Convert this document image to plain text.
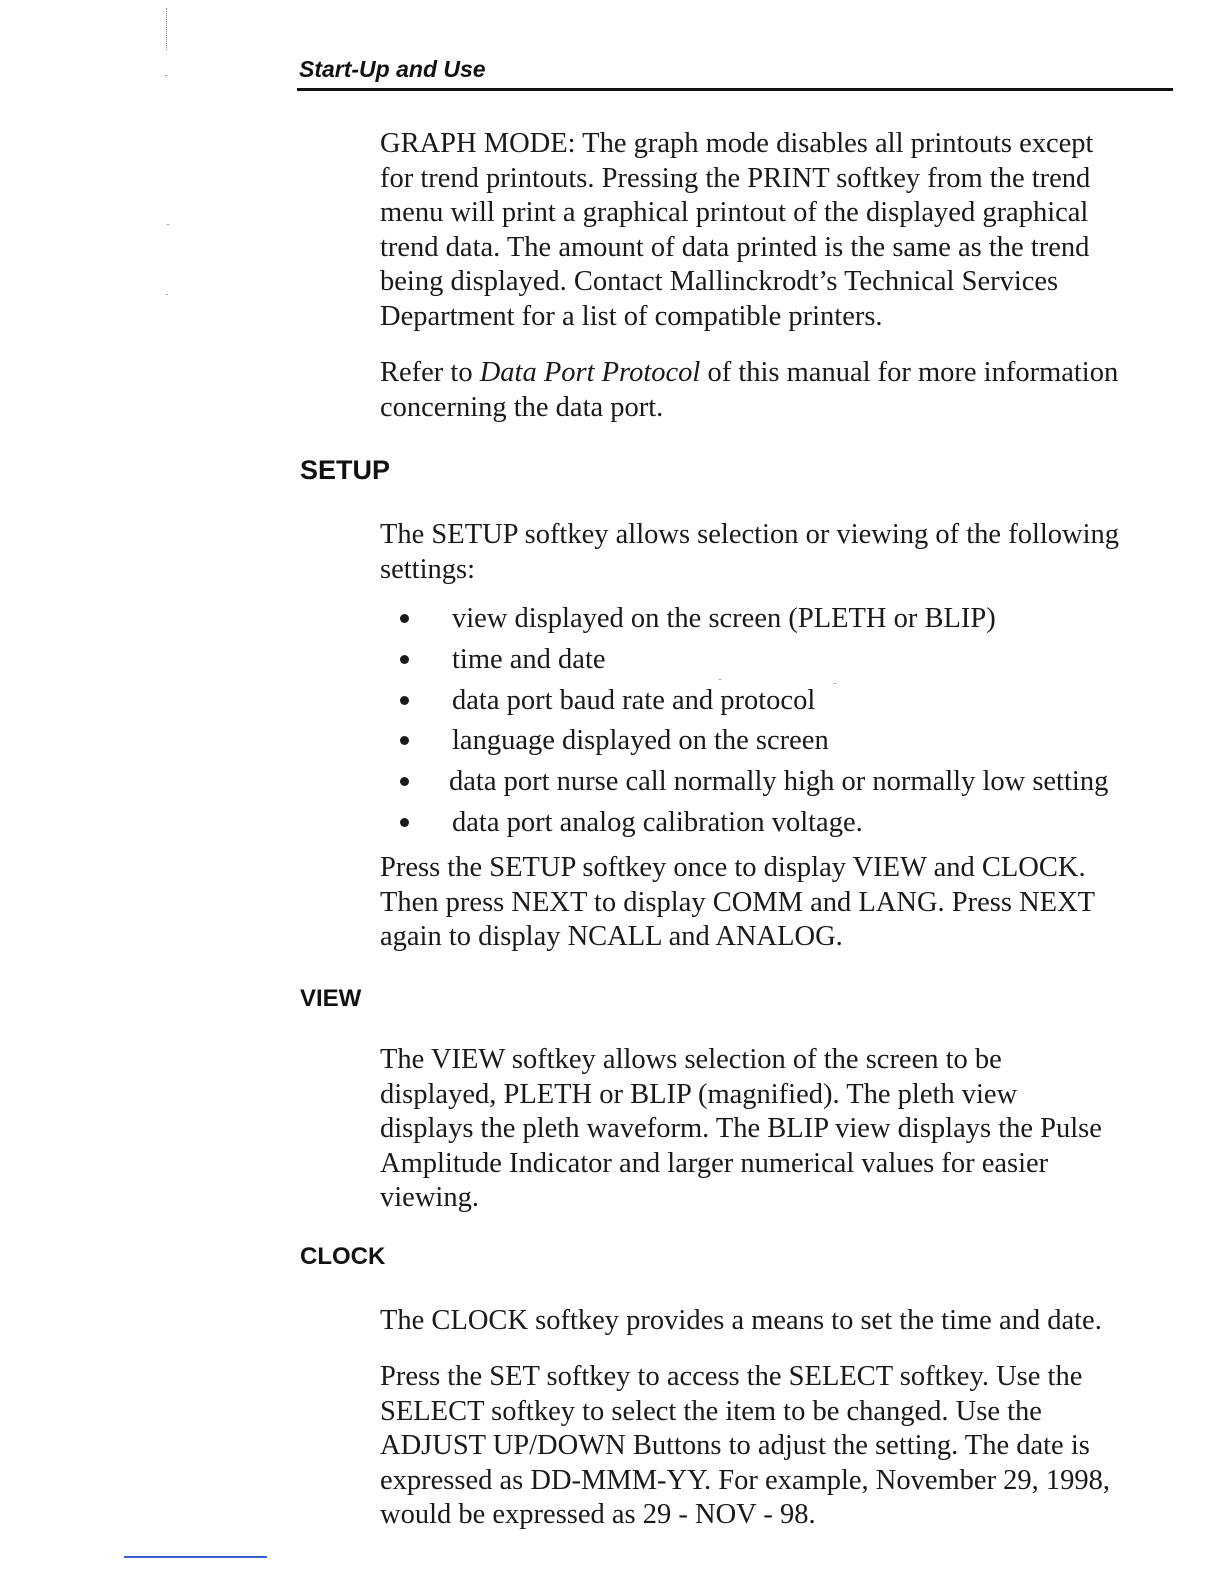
Start-Up and Use

GRAPH MODE: The graph mode disables all printouts except
for trend printouts. Pressing the PRINT softkey from the trend
menu will print a graphical printout of the displayed graphical
trend data. The amount of data printed is the same as the trend
being displayed. Contact Mallinckrodt’s Technical Services
Department for a list of compatible printers.

Refer to Data Port Protocol of this manual for more information
concerning the data port.

SETUP

The SETUP softkey allows selection or viewing of the following
settings:

view displayed on the screen (PLETH or BLIP)
time and date
data port baud rate and protocol
language displayed on the screen
data port nurse call normally high or normally low setting
data port analog calibration voltage.

Press the SETUP softkey once to display VIEW and CLOCK.
Then press NEXT to display COMM and LANG. Press NEXT
again to display NCALL and ANALOG.

VIEW

The VIEW softkey allows selection of the screen to be
displayed, PLETH or BLIP (magnified). The pleth view
displays the pleth waveform. The BLIP view displays the Pulse
Amplitude Indicator and larger numerical values for easier
viewing.

CLOCK

The CLOCK softkey provides a means to set the time and date.

Press the SET softkey to access the SELECT softkey. Use the
SELECT softkey to select the item to be changed. Use the
ADJUST UP/DOWN Buttons to adjust the setting. The date is
expressed as DD-MMM-YY. For example, November 29, 1998,
would be expressed as 29 - NOV - 98.
